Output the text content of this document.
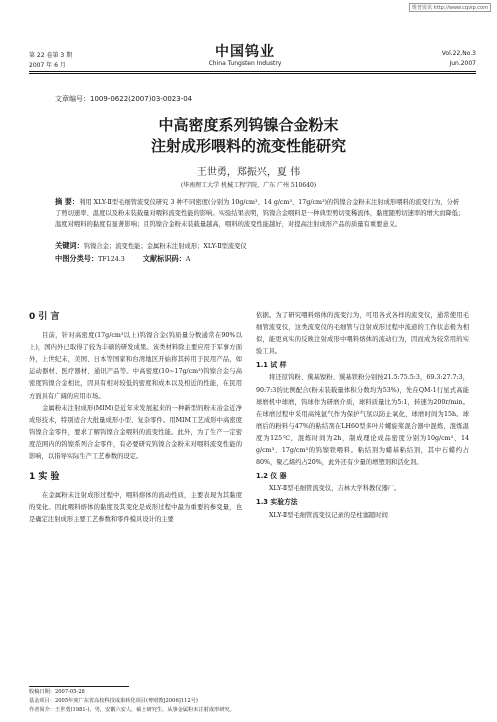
维普资讯 http://www.cqvip.com
第 22 卷第 3 期
2007 年 6 月
中国钨业
China Tungsten Industry
Vol.22,No.3
Jun.2007
文章编号：1009-0622(2007)03-0023-04
中高密度系列钨镍合金粉末
注射成形喂料的流变性能研究
王世勇，郑振兴，夏 伟
(华南理工大学 机械工程学院，广东 广州 510640)
摘 要：利用 XLY-Ⅱ型毛细管流变仪研究 3 种不同密度(分别为 10g/cm³、14 g/cm³、17g/cm³)的钨镍合金粉末注射成形喂料的流变行为，分析了剪切速率、温度以及粉末装载量对喂料流变性能的影响。实验结果表明，钨镍合金喂料是一种典型剪切变稀流体，黏度随剪切速率的增大而降低；温度对喂料的黏度有显著影响；且钨镍合金粉末装载量越高，喂料的流变性能越好，对提高注射成形产品的质量有重要意义。
关键词：钨镍合金；流变性能；金属粉末注射成形；XLY-Ⅱ型流变仪
中图分类号：TF124.3	文献标识码：A
0 引 言

目前，针对高密度(17g/cm³以上)钨镍合金(钨质量分数通常在90%以上)，国内外已取得了较为丰硕的研发成果。该类材料除主要应用于军事方面外，上世纪末，美国、日本等国家和台湾地区开始将其转用于民用产品，如运动器材、医疗器材、通讯产品等。中高密度(10~17g/cm³)钨镍合金与高密度钨镍合金相比，因具有相对较低的密度和成本以及相近的性能，在民用方面具有广阔的应用市场。

金属粉末注射成形(MIM)是近年来发展起来的一种新型的粉末冶金近净成形技术，特别适合大批量成形小型、复杂零件。用MIM工艺成形中高密度钨镍合金零件，要求了解钨镍合金喂料的流变性能。此外，为了生产一定密度范围内的钨镍系列合金零件，有必要研究钨镍合金粉末对喂料流变性能的影响，以指导实际生产工艺参数的设定。

1 实 验

在金属粉末注射成形过程中，喂料熔体的流动性质，主要表现为其黏度的变化。因此喂料熔体的黏度及其变化是成形过程中最为重要的参变量，也是确定注射成形主要工艺参数和零件模具设计的主要

依据。为了研究喂料熔体的流变行为，可用各式各样的流变仪，通常使用毛细管流变仪，这类流变仪的毛细管与注射成形过程中流道的工作状态极为相似，能更真实的反映注射成形中喂料熔体的流动行为，因而成为较常用的实验工具。

1.1 试 样

将还原钨粉、羰基镍粉、羰基铁粉分别按21.5:75.5:3，69.3:27.7:3，90:7:3的比例配合(粉末装载量体积分数均为53%)，先在QM-1行星式高能球磨机中球磨，钨球作为研磨介质，球料质量比为5:1，转速为200r/min。在球磨过程中采用高纯氩气作为保护气氛以防止氧化，球磨时间为15h。球磨后的粉料与47%的粘结剂在LH60型多叶片螺旋桨混合器中混炼，混炼温度为125℃，混炼时间为2h，制成理论成品密度分别为10g/cm³、14 g/cm³、17g/cm³的钨镍铁喂料。粘结剂为蜡基粘结剂，其中石蜡约占80%，聚乙烯约占20%，此外还有少量的增塑剂和活化剂。

1.2 仪 器

XLY-Ⅱ型毛细管流变仪，吉林大学科教仪器厂。

1.3 实验方法

XLY-Ⅱ型毛细管流变仪记录的是柱塞随时间

收稿日期：2007-05-28
基金项目：2005年度广东省高校科技成果转化项目(粤财教[2006]112号)
作者简介：王世勇(1981-)，男，安徽六安人，硕士研究生，从事金属粉末注射成形研究。
